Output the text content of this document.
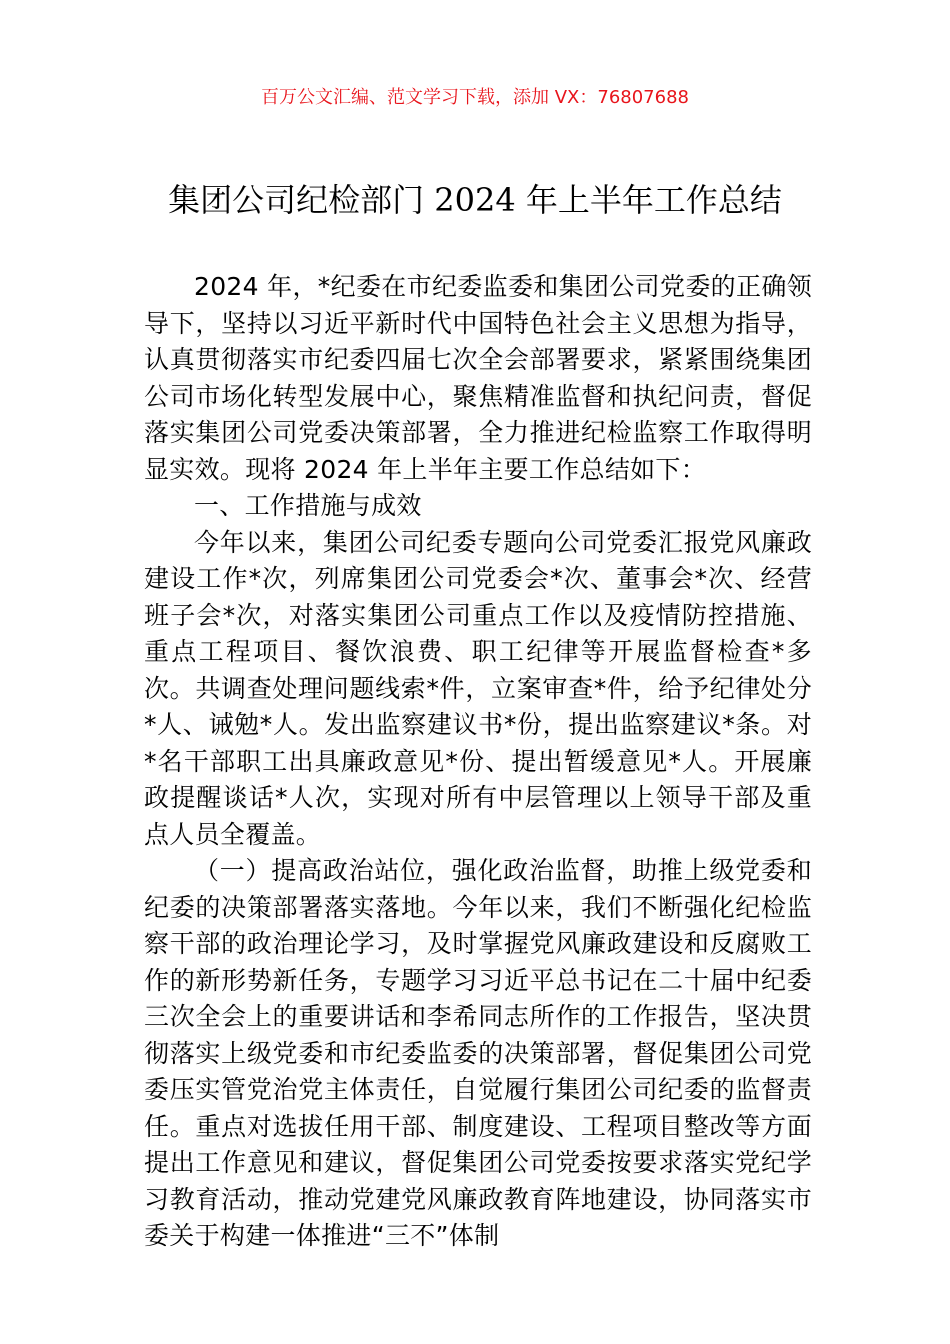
百万公文汇编、范文学习下载，添加 VX：76807688
集团公司纪检部门 2024 年上半年工作总结

2024 年，*纪委在市纪委监委和集团公司党委的正确领导下，坚持以习近平新时代中国特色社会主义思想为指导，认真贯彻落实市纪委四届七次全会部署要求，紧紧围绕集团公司市场化转型发展中心，聚焦精准监督和执纪问责，督促落实集团公司党委决策部署，全力推进纪检监察工作取得明显实效。现将 2024 年上半年主要工作总结如下：

一、工作措施与成效

今年以来，集团公司纪委专题向公司党委汇报党风廉政建设工作*次，列席集团公司党委会*次、董事会*次、经营班子会*次，对落实集团公司重点工作以及疫情防控措施、重点工程项目、餐饮浪费、职工纪律等开展监督检查*多次。共调查处理问题线索*件，立案审查*件，给予纪律处分*人、诫勉*人。发出监察建议书*份，提出监察建议*条。对*名干部职工出具廉政意见*份、提出暂缓意见*人。开展廉政提醒谈话*人次，实现对所有中层管理以上领导干部及重点人员全覆盖。

（一）提高政治站位，强化政治监督，助推上级党委和纪委的决策部署落实落地。今年以来，我们不断强化纪检监察干部的政治理论学习，及时掌握党风廉政建设和反腐败工作的新形势新任务，专题学习习近平总书记在二十届中纪委三次全会上的重要讲话和李希同志所作的工作报告，坚决贯彻落实上级党委和市纪委监委的决策部署，督促集团公司党委压实管党治党主体责任，自觉履行集团公司纪委的监督责任。重点对选拔任用干部、制度建设、工程项目整改等方面提出工作意见和建议，督促集团公司党委按要求落实党纪学习教育活动，推动党建党风廉政教育阵地建设，协同落实市委关于构建一体推进“三不”体制
